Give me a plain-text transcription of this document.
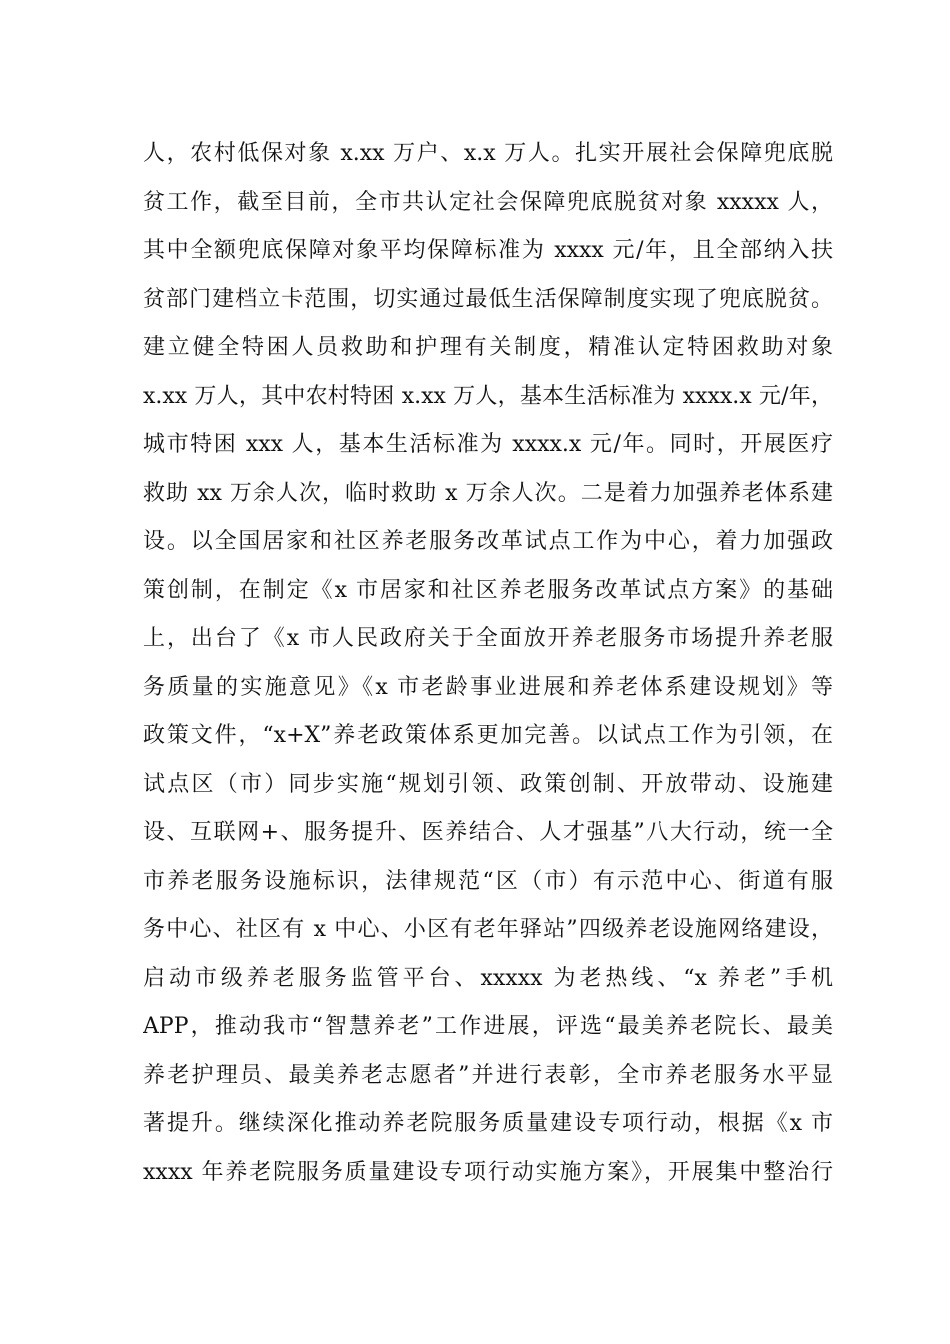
人，农村低保对象 x.xx 万户、x.x 万人。扎实开展社会保障兜底脱
贫工作，截至目前，全市共认定社会保障兜底脱贫对象 xxxxx 人，
其中全额兜底保障对象平均保障标准为 xxxx 元/年，且全部纳入扶
贫部门建档立卡范围，切实通过最低生活保障制度实现了兜底脱贫。
建立健全特困人员救助和护理有关制度，精准认定特困救助对象
x.xx 万人，其中农村特困 x.xx 万人，基本生活标准为 xxxx.x 元/年，
城市特困 xxx 人，基本生活标准为 xxxx.x 元/年。同时，开展医疗
救助 xx 万余人次，临时救助 x 万余人次。二是着力加强养老体系建
设。以全国居家和社区养老服务改革试点工作为中心，着力加强政
策创制，在制定《x 市居家和社区养老服务改革试点方案》的基础
上，出台了《x 市人民政府关于全面放开养老服务市场提升养老服
务质量的实施意见》《x 市老龄事业进展和养老体系建设规划》等
政策文件，“x+X”养老政策体系更加完善。以试点工作为引领，在
试点区（市）同步实施“规划引领、政策创制、开放带动、设施建
设、互联网+、服务提升、医养结合、人才强基”八大行动，统一全
市养老服务设施标识，法律规范“区（市）有示范中心、街道有服
务中心、社区有 x 中心、小区有老年驿站”四级养老设施网络建设，
启动市级养老服务监管平台、xxxxx 为老热线、“x 养老”手机
APP，推动我市“智慧养老”工作进展，评选“最美养老院长、最美
养老护理员、最美养老志愿者”并进行表彰，全市养老服务水平显
著提升。继续深化推动养老院服务质量建设专项行动，根据《x 市
xxxx 年养老院服务质量建设专项行动实施方案》，开展集中整治行
